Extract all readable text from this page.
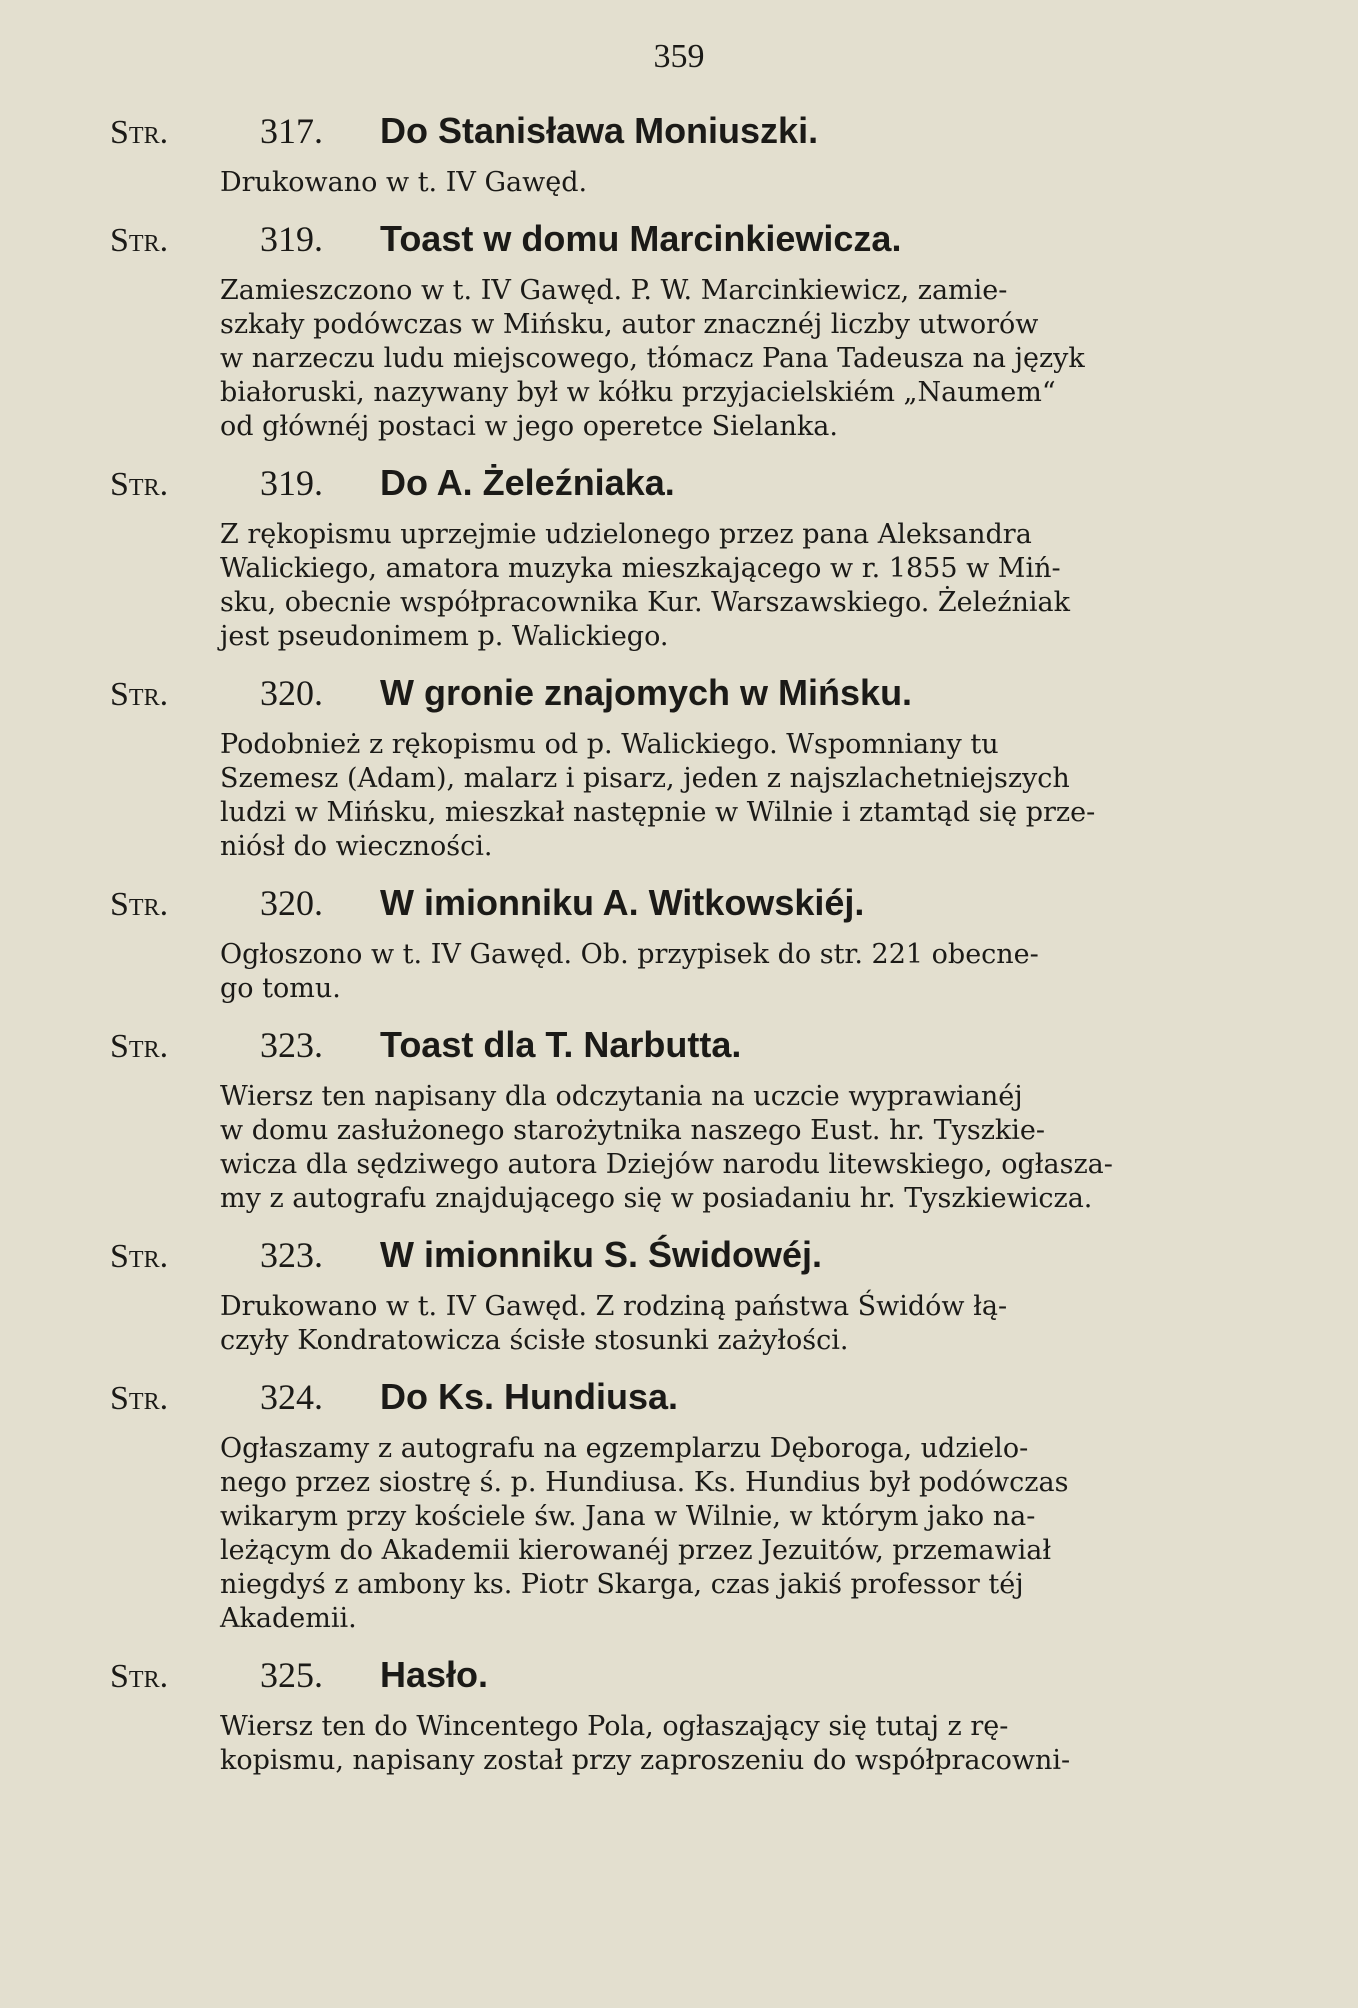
359
Str.	317.	Do Stanisława Moniuszki.
Drukowano w t. IV Gawęd.
Str.	319.	Toast w domu Marcinkiewicza.
Zamieszczono w t. IV Gawęd. P. W. Marcinkiewicz, zamie-
szkały podówczas w Mińsku, autor znacznéj liczby utworów
w narzeczu ludu miejscowego, tłómacz Pana Tadeusza na język
białoruski, nazywany był w kółku przyjacielskiém „Naumem“
od głównéj postaci w jego operetce Sielanka.
Str.	319.	Do A. Żeleźniaka.
Z rękopismu uprzejmie udzielonego przez pana Aleksandra
Walickiego, amatora muzyka mieszkającego w r. 1855 w Miń-
sku, obecnie współpracownika Kur. Warszawskiego. Żeleźniak
jest pseudonimem p. Walickiego.
Str.	320.	W gronie znajomych w Mińsku.
Podobnież z rękopismu od p. Walickiego. Wspomniany tu
Szemesz (Adam), malarz i pisarz, jeden z najszlachetniejszych
ludzi w Mińsku, mieszkał następnie w Wilnie i ztamtąd się prze-
niósł do wieczności.
Str.	320.	W imionniku A. Witkowskiéj.
Ogłoszono w t. IV Gawęd. Ob. przypisek do str. 221 obecne-
go tomu.
Str.	323.	Toast dla T. Narbutta.
Wiersz ten napisany dla odczytania na uczcie wyprawianéj
w domu zasłużonego starożytnika naszego Eust. hr. Tyszkie-
wicza dla sędziwego autora Dziejów narodu litewskiego, ogłasza-
my z autografu znajdującego się w posiadaniu hr. Tyszkiewicza.
Str.	323.	W imionniku S. Świdowéj.
Drukowano w t. IV Gawęd. Z rodziną państwa Świdów łą-
czyły Kondratowicza ścisłe stosunki zażyłości.
Str.	324.	Do Ks. Hundiusa.
Ogłaszamy z autografu na egzemplarzu Dęboroga, udzielo-
nego przez siostrę ś. p. Hundiusa. Ks. Hundius był podówczas
wikarym przy kościele św. Jana w Wilnie, w którym jako na-
leżącym do Akademii kierowanéj przez Jezuitów, przemawiał
niegdyś z ambony ks. Piotr Skarga, czas jakiś professor téj
Akademii.
Str.	325.	Hasło.
Wiersz ten do Wincentego Pola, ogłaszający się tutaj z rę-
kopismu, napisany został przy zaproszeniu do współpracowni-
